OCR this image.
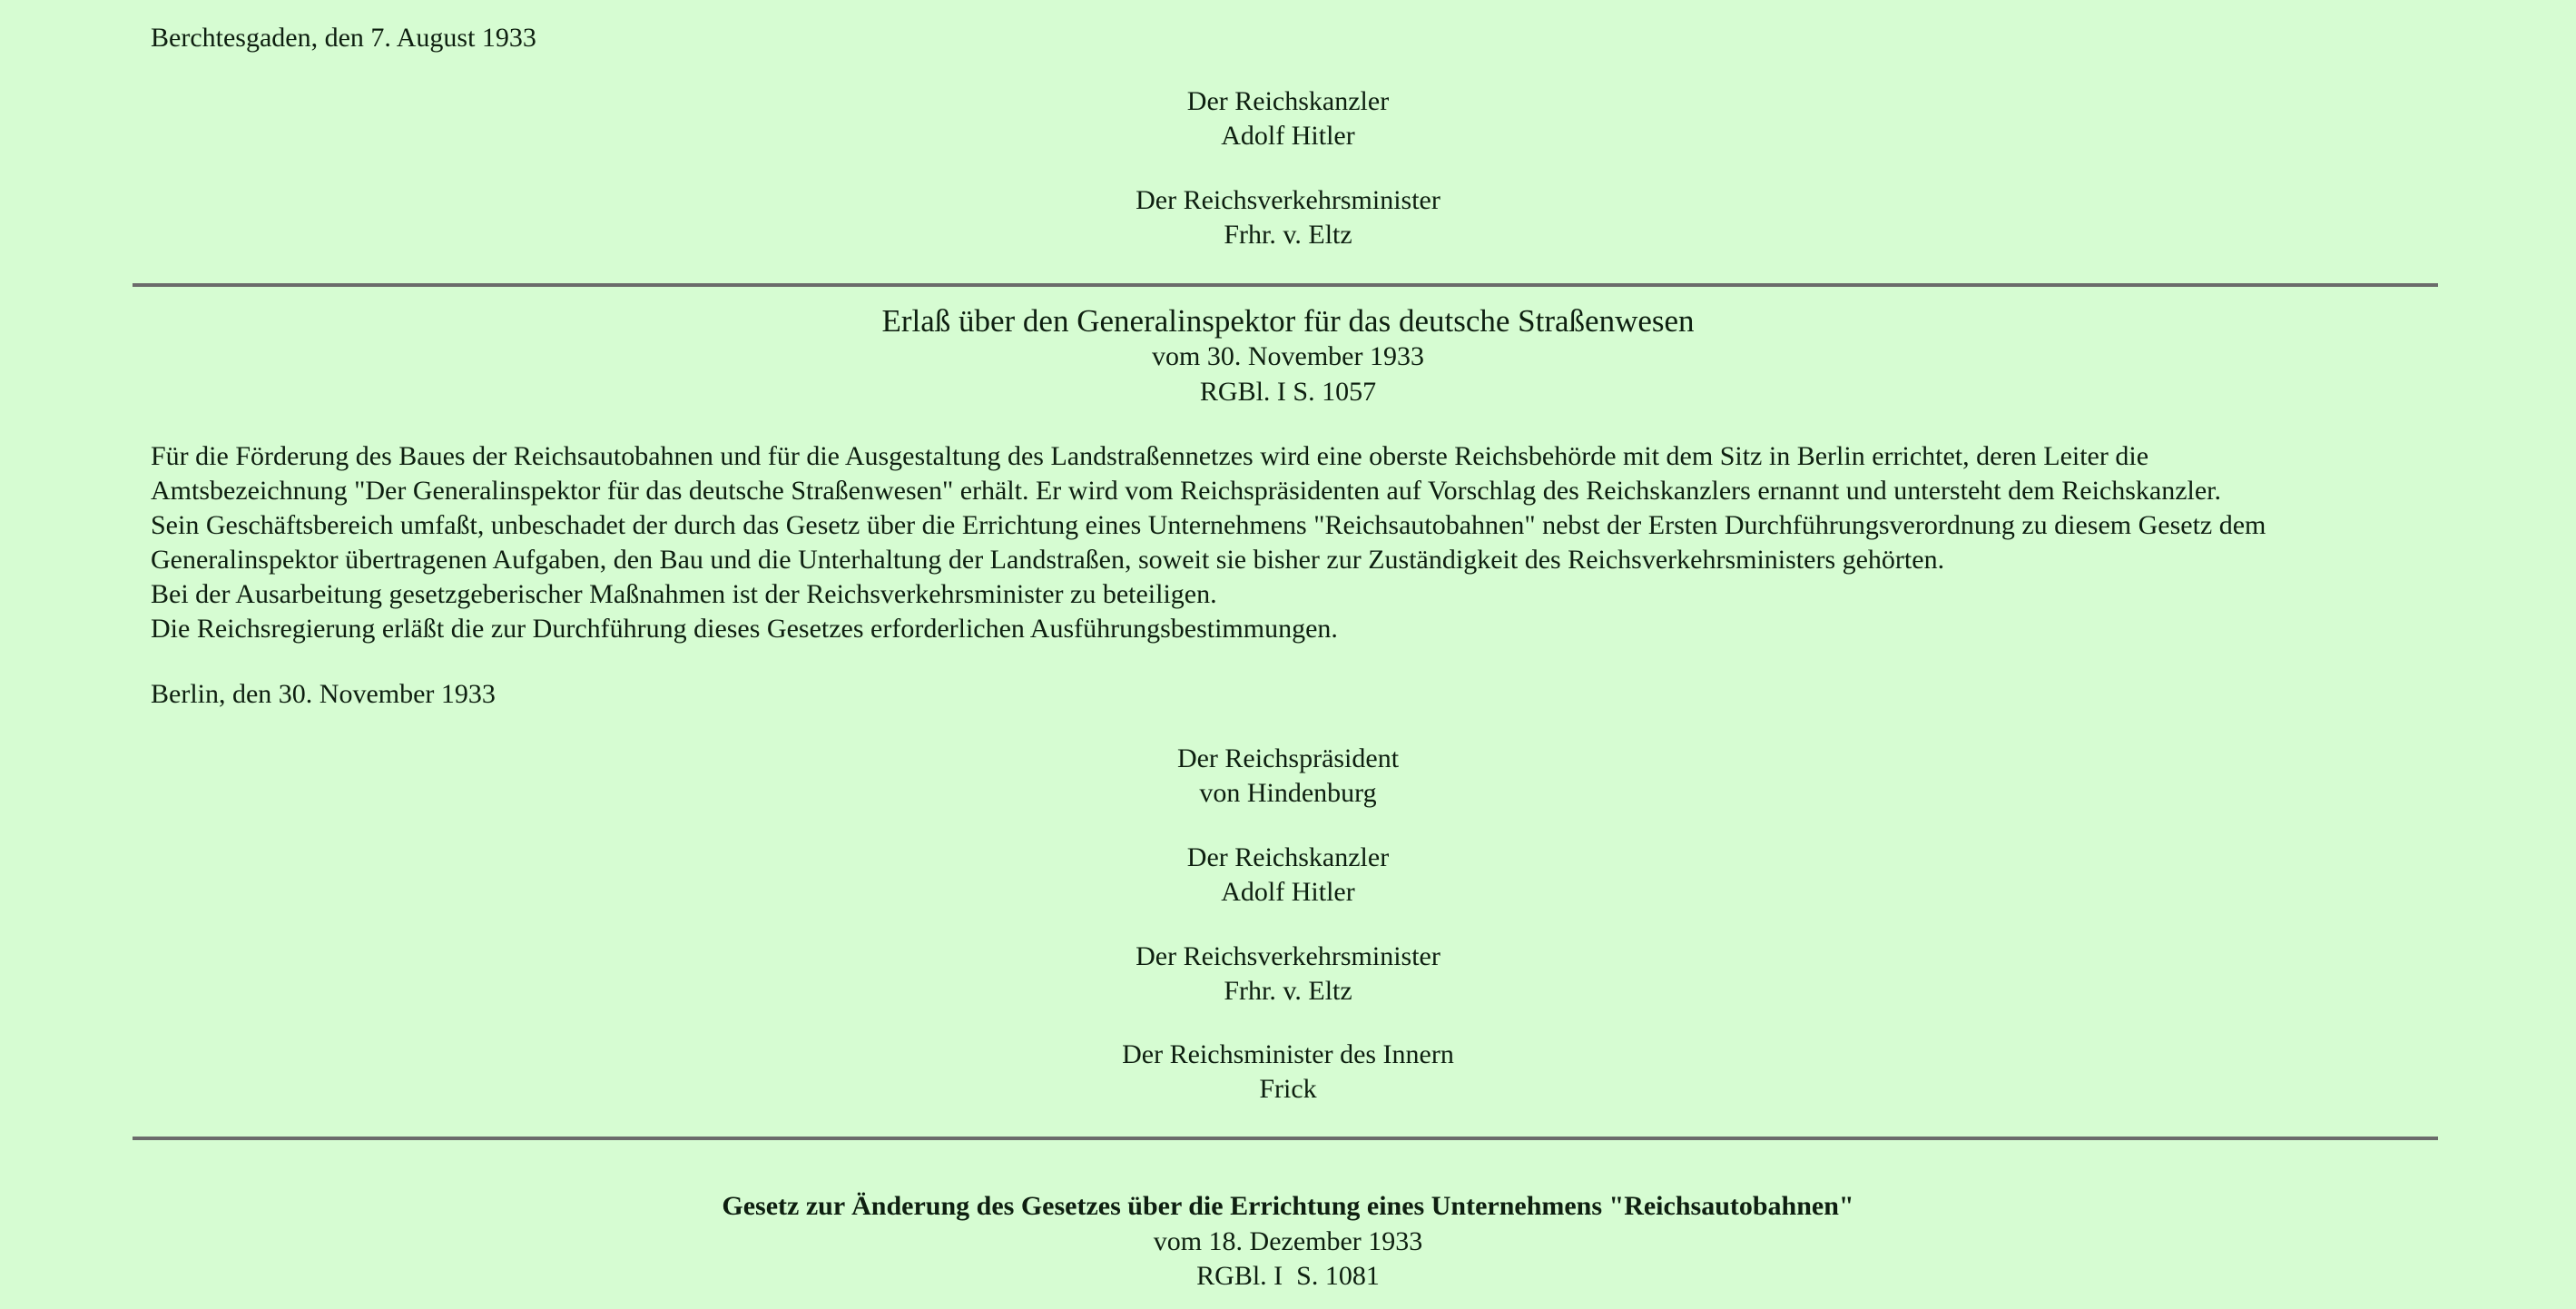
Berchtesgaden, den 7. August 1933
Der Reichskanzler
Adolf Hitler
Der Reichsverkehrsminister
Frhr. v. Eltz
Erlaß über den Generalinspektor für das deutsche Straßenwesen
vom 30. November 1933
RGBl. I S. 1057

Für die Förderung des Baues der Reichsautobahnen und für die Ausgestaltung des Landstraßennetzes wird eine oberste Reichsbehörde mit dem Sitz in Berlin errichtet, deren Leiter die

Amtsbezeichnung "Der Generalinspektor für das deutsche Straßenwesen" erhält. Er wird vom Reichspräsidenten auf Vorschlag des Reichskanzlers ernannt und untersteht dem Reichskanzler.

Sein Geschäftsbereich umfaßt, unbeschadet der durch das Gesetz über die Errichtung eines Unternehmens "Reichsautobahnen" nebst der Ersten Durchführungsverordnung zu diesem Gesetz dem

Generalinspektor übertragenen Aufgaben, den Bau und die Unterhaltung der Landstraßen, soweit sie bisher zur Zuständigkeit des Reichsverkehrsministers gehörten.

Bei der Ausarbeitung gesetzgeberischer Maßnahmen ist der Reichsverkehrsminister zu beteiligen.

Die Reichsregierung erläßt die zur Durchführung dieses Gesetzes erforderlichen Ausführungsbestimmungen.

Berlin, den 30. November 1933
Der Reichspräsident
von Hindenburg
Der Reichskanzler
Adolf Hitler
Der Reichsverkehrsminister
Frhr. v. Eltz
Der Reichsminister des Innern
Frick
Gesetz zur Änderung des Gesetzes über die Errichtung eines Unternehmens "Reichsautobahnen"
vom 18. Dezember 1933
RGBl. I  S. 1081
